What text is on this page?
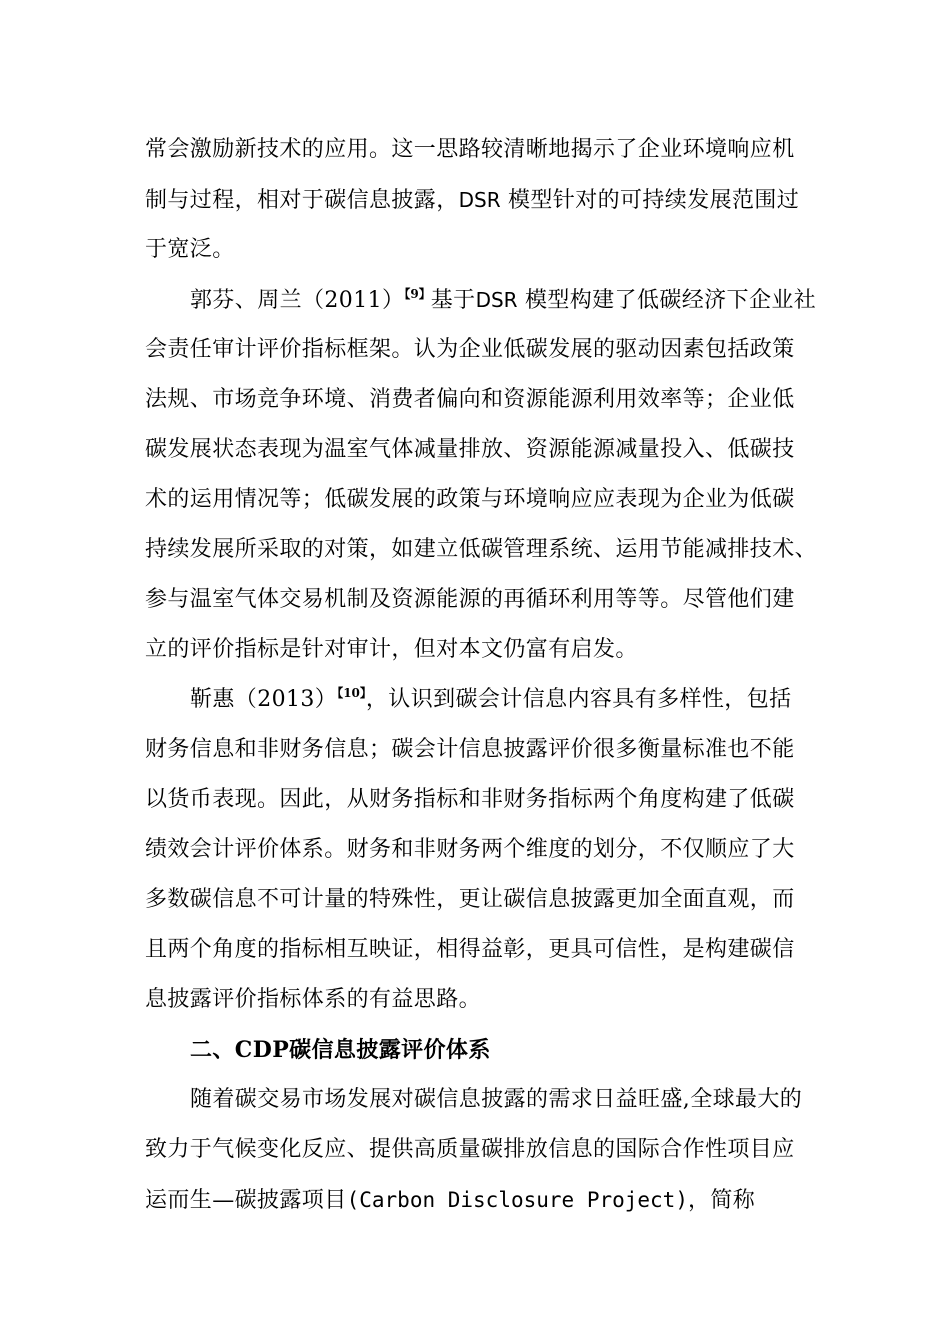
常会激励新技术的应用。这一思路较清晰地揭示了企业环境响应机
制与过程，相对于碳信息披露，DSR 模型针对的可持续发展范围过
于宽泛。
郭芬、周兰（2011）$^{【9】}$基于DSR 模型构建了低碳经济下企业社
会责任审计评价指标框架。认为企业低碳发展的驱动因素包括政策
法规、市场竞争环境、消费者偏向和资源能源利用效率等；企业低
碳发展状态表现为温室气体减量排放、资源能源减量投入、低碳技
术的运用情况等；低碳发展的政策与环境响应应表现为企业为低碳
持续发展所采取的对策，如建立低碳管理系统、运用节能减排技术、
参与温室气体交易机制及资源能源的再循环利用等等。尽管他们建
立的评价指标是针对审计，但对本文仍富有启发。
靳惠（2013）$^{【10】}$，认识到碳会计信息内容具有多样性，包括
财务信息和非财务信息；碳会计信息披露评价很多衡量标准也不能
以货币表现。因此，从财务指标和非财务指标两个角度构建了低碳
绩效会计评价体系。财务和非财务两个维度的划分，不仅顺应了大
多数碳信息不可计量的特殊性，更让碳信息披露更加全面直观，而
且两个角度的指标相互映证，相得益彰，更具可信性，是构建碳信
息披露评价指标体系的有益思路。
二、CDP碳信息披露评价体系
随着碳交易市场发展对碳信息披露的需求日益旺盛,全球最大的
致力于气候变化反应、提供高质量碳排放信息的国际合作性项目应
运而生—碳披露项目(Carbon Disclosure Project)，简称
